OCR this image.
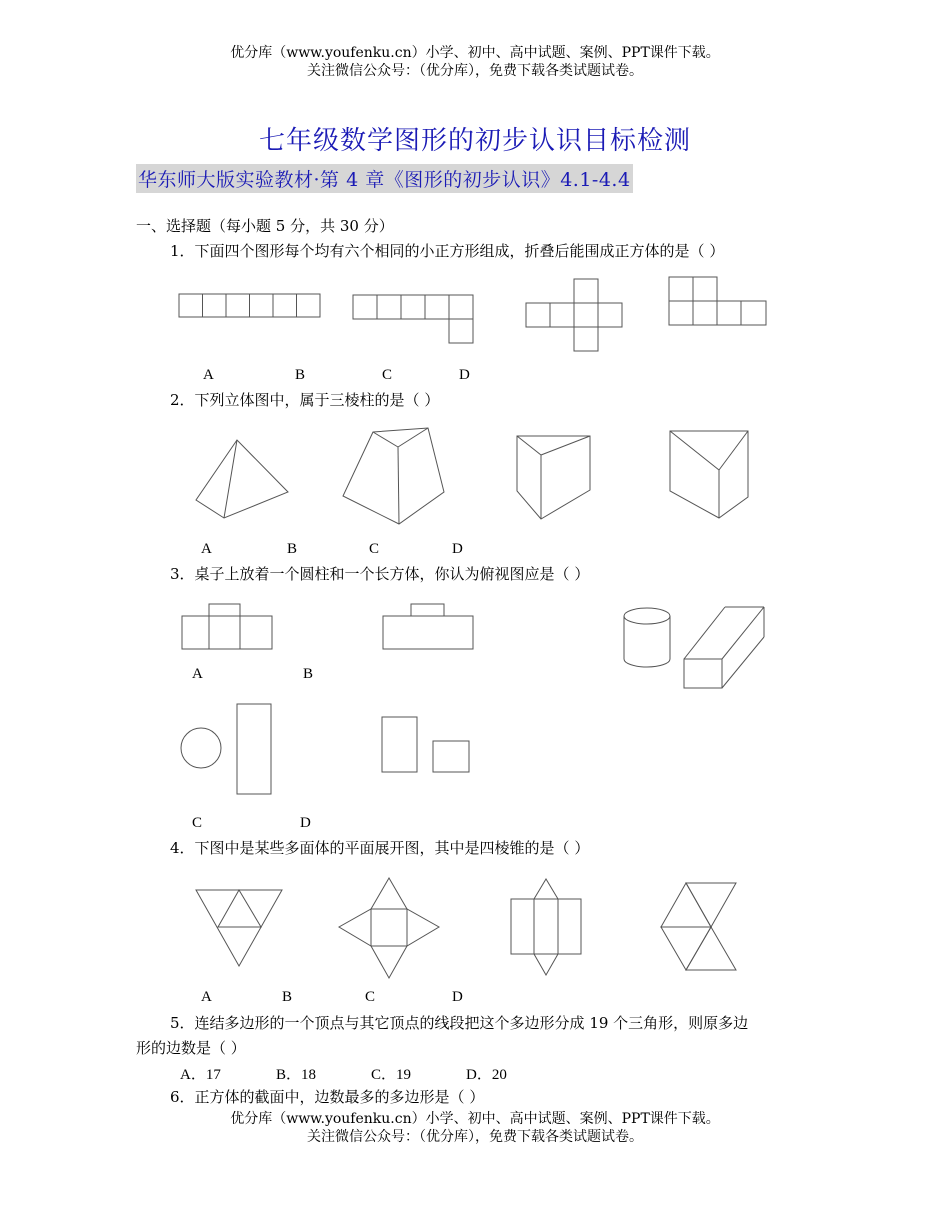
优分库（www.youfenku.cn）小学、初中、高中试题、案例、PPT课件下载。
关注微信公众号：（优分库），免费下载各类试题试卷。
七年级数学图形的初步认识目标检测
华东师大版实验教材·第 4 章《图形的初步认识》4.1-4.4
一、选择题（每小题 5 分，共 30 分）
1．下面四个图形每个均有六个相同的小正方形组成，折叠后能围成正方体的是（ ）
A	B	C	D
2．下列立体图中，属于三棱柱的是（ ）
A	B	C	D
3．桌子上放着一个圆柱和一个长方体，你认为俯视图应是（ ）
A	B
C	D
4．下图中是某些多面体的平面展开图，其中是四棱锥的是（ ）
A	B	C	D
5．连结多边形的一个顶点与其它顶点的线段把这个多边形分成 19 个三角形，则原多边
形的边数是（ ）
A．17	B．18	C．19	D．20
6．正方体的截面中，边数最多的多边形是（ ）
优分库（www.youfenku.cn）小学、初中、高中试题、案例、PPT课件下载。
关注微信公众号：（优分库），免费下载各类试题试卷。
